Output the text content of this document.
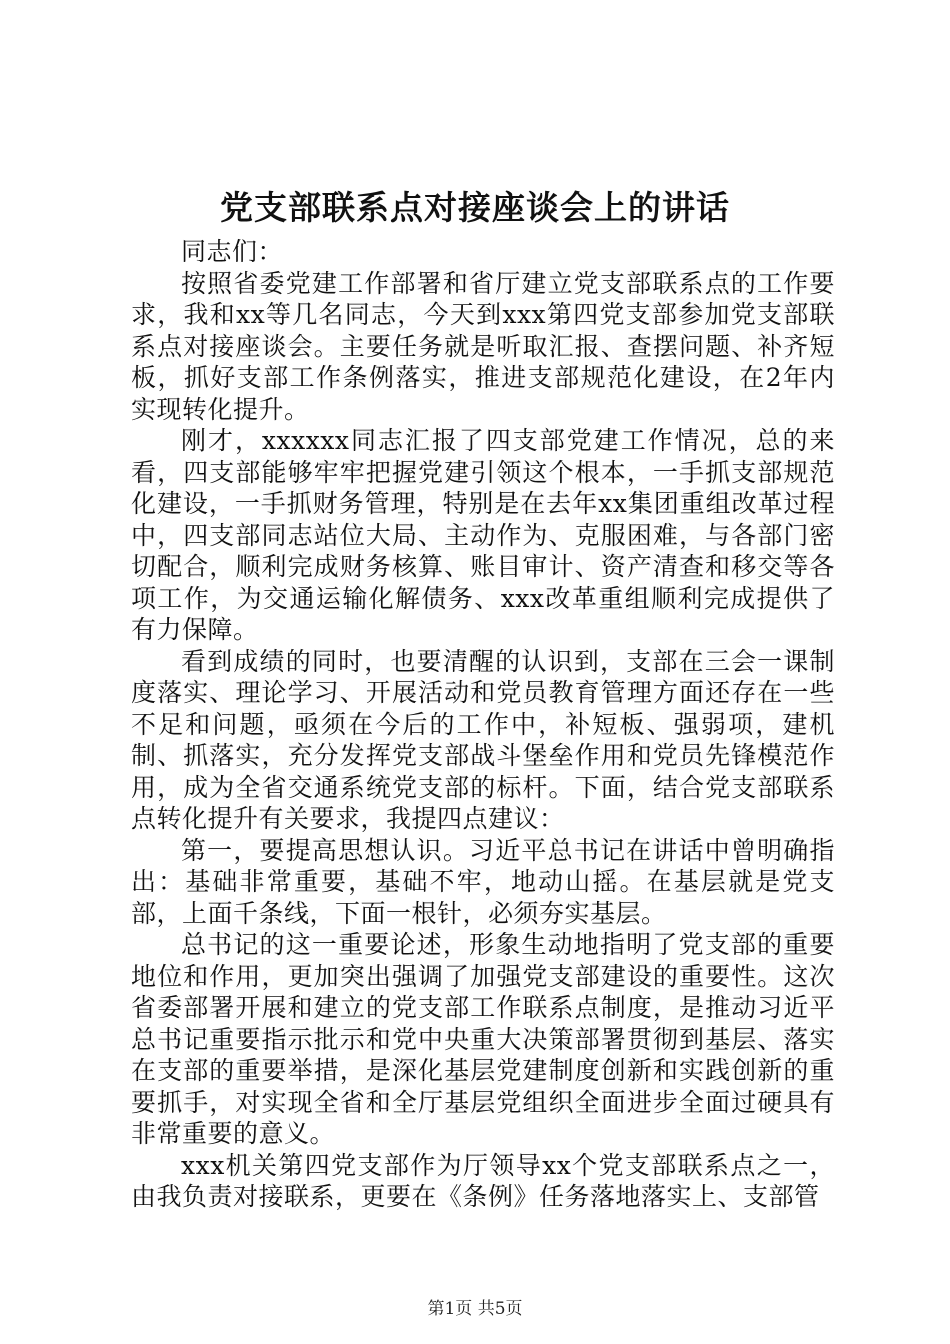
党支部联系点对接座谈会上的讲话

同志们：

按照省委党建工作部署和省厅建立党支部联系点的工作要求，我和xx等几名同志，今天到xxx第四党支部参加党支部联系点对接座谈会。主要任务就是听取汇报、查摆问题、补齐短板，抓好支部工作条例落实，推进支部规范化建设，在2年内实现转化提升。

刚才，xxxxxx同志汇报了四支部党建工作情况，总的来看，四支部能够牢牢把握党建引领这个根本，一手抓支部规范化建设，一手抓财务管理，特别是在去年xx集团重组改革过程中，四支部同志站位大局、主动作为、克服困难，与各部门密切配合，顺利完成财务核算、账目审计、资产清查和移交等各项工作，为交通运输化解债务、xxx改革重组顺利完成提供了有力保障。

看到成绩的同时，也要清醒的认识到，支部在三会一课制度落实、理论学习、开展活动和党员教育管理方面还存在一些不足和问题，亟须在今后的工作中，补短板、强弱项，建机制、抓落实，充分发挥党支部战斗堡垒作用和党员先锋模范作用，成为全省交通系统党支部的标杆。下面，结合党支部联系点转化提升有关要求，我提四点建议：

第一，要提高思想认识。习近平总书记在讲话中曾明确指出：基础非常重要，基础不牢，地动山摇。在基层就是党支部，上面千条线，下面一根针，必须夯实基层。

总书记的这一重要论述，形象生动地指明了党支部的重要地位和作用，更加突出强调了加强党支部建设的重要性。这次省委部署开展和建立的党支部工作联系点制度，是推动习近平总书记重要指示批示和党中央重大决策部署贯彻到基层、落实在支部的重要举措，是深化基层党建制度创新和实践创新的重要抓手，对实现全省和全厅基层党组织全面进步全面过硬具有非常重要的意义。

xxx机关第四党支部作为厅领导xx个党支部联系点之一，由我负责对接联系，更要在《条例》任务落地落实上、支部管

第1页 共5页
